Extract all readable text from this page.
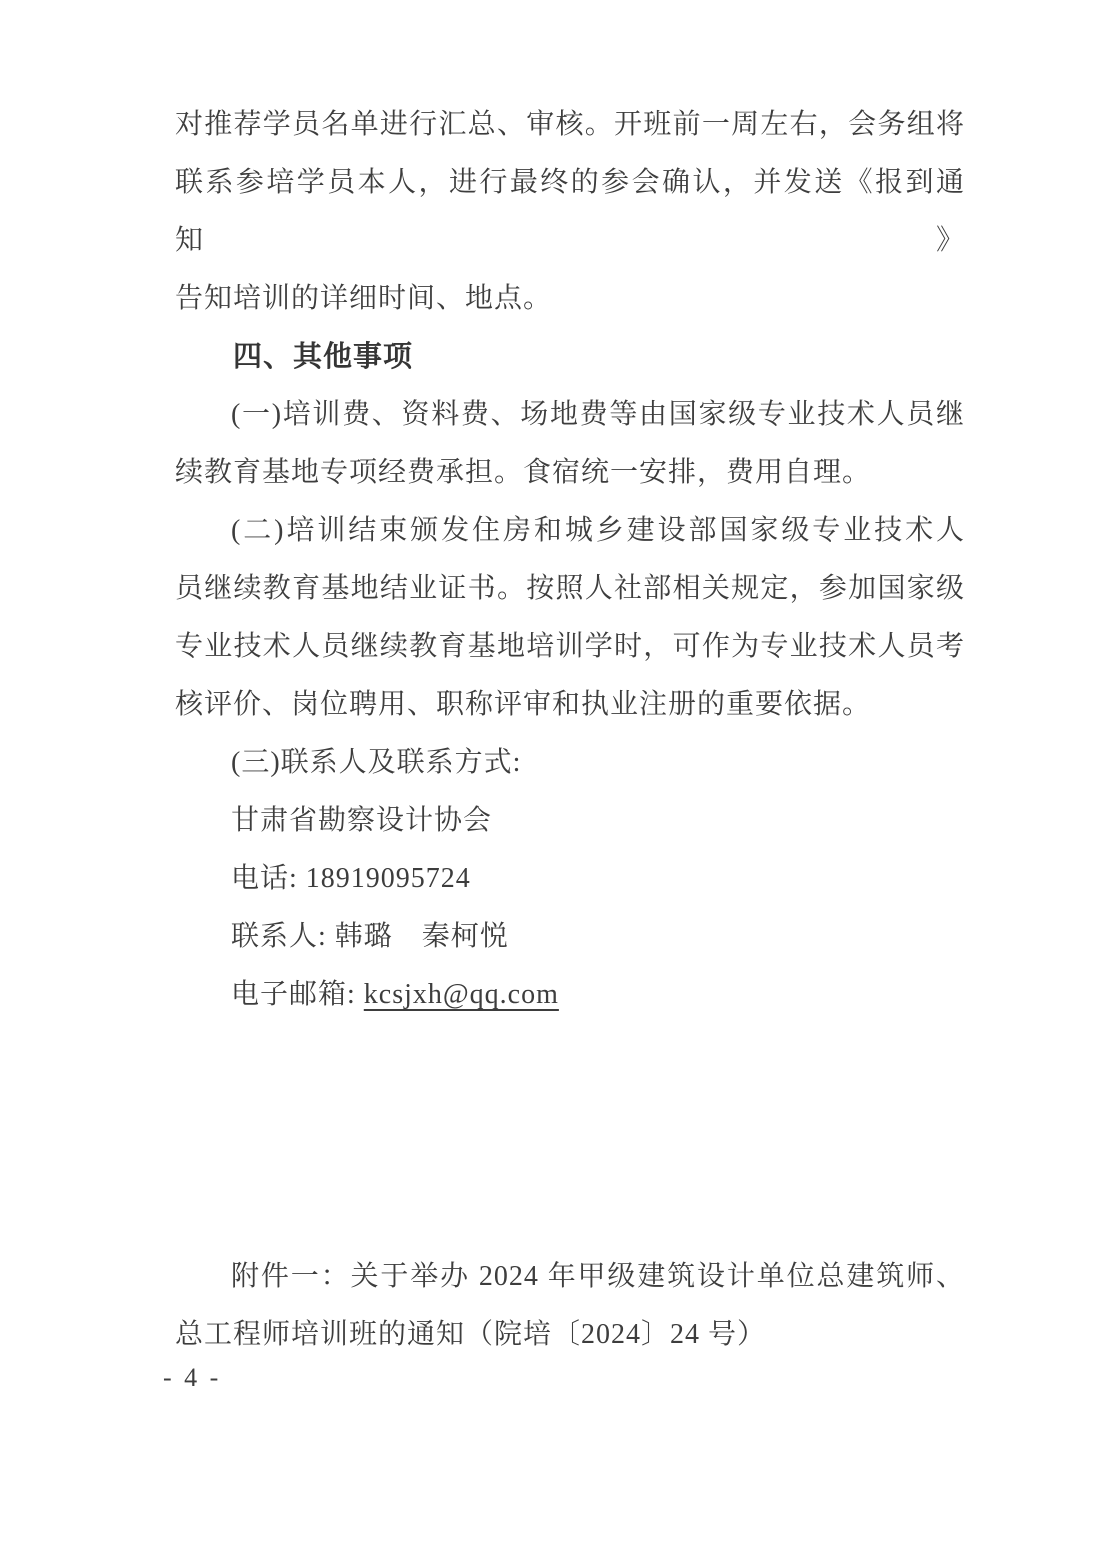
对推荐学员名单进行汇总、审核。开班前一周左右，会务组将
联系参培学员本人，进行最终的参会确认，并发送《报到通知》
告知培训的详细时间、地点。
四、其他事项
(一)培训费、资料费、场地费等由国家级专业技术人员继
续教育基地专项经费承担。食宿统一安排，费用自理。
(二)培训结束颁发住房和城乡建设部国家级专业技术人
员继续教育基地结业证书。按照人社部相关规定，参加国家级
专业技术人员继续教育基地培训学时，可作为专业技术人员考
核评价、岗位聘用、职称评审和执业注册的重要依据。
(三)联系人及联系方式:
甘肃省勘察设计协会
电话: 18919095724
联系人: 韩璐　秦柯悦
电子邮箱: kcsjxh@qq.com
附件一：关于举办 2024 年甲级建筑设计单位总建筑师、
总工程师培训班的通知（院培〔2024〕24 号）
- 4 -
